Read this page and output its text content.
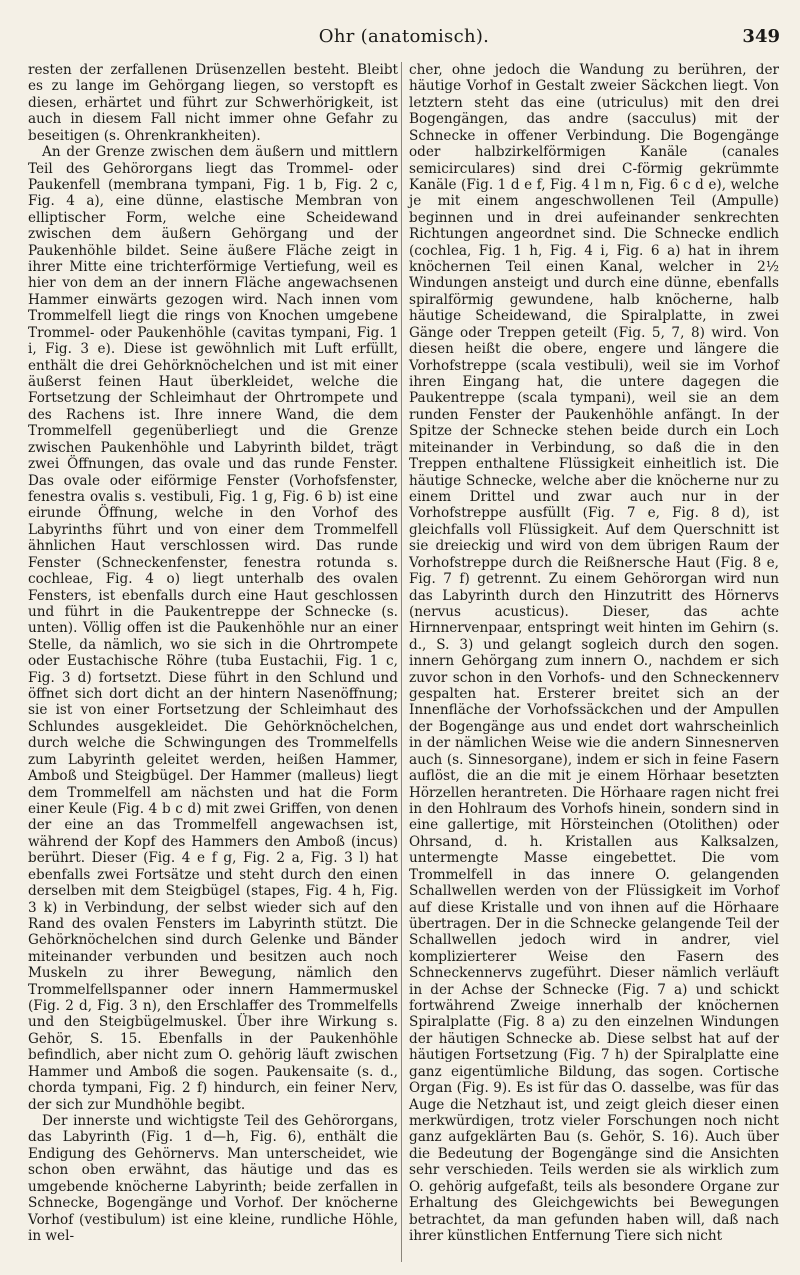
Ohr (anatomisch).	349

resten der zerfallenen Drüsenzellen besteht. Bleibt es zu lange im Gehörgang liegen, so verstopft es diesen, erhärtet und führt zur Schwerhörigkeit, ist auch in diesem Fall nicht immer ohne Gefahr zu beseitigen (s. Ohrenkrankheiten).

An der Grenze zwischen dem äußern und mittlern Teil des Gehörorgans liegt das Trommel- oder Paukenfell (membrana tympani, Fig. 1 b, Fig. 2 c, Fig. 4 a), eine dünne, elastische Membran von elliptischer Form, welche eine Scheidewand zwischen dem äußern Gehörgang und der Paukenhöhle bildet. Seine äußere Fläche zeigt in ihrer Mitte eine trichterförmige Vertiefung, weil es hier von dem an der innern Fläche angewachsenen Hammer einwärts gezogen wird. Nach innen vom Trommelfell liegt die rings von Knochen umgebene Trommel- oder Paukenhöhle (cavitas tympani, Fig. 1 i, Fig. 3 e). Diese ist gewöhnlich mit Luft erfüllt, enthält die drei Gehörknöchelchen und ist mit einer äußerst feinen Haut überkleidet, welche die Fortsetzung der Schleimhaut der Ohrtrompete und des Rachens ist. Ihre innere Wand, die dem Trommelfell gegenüberliegt und die Grenze zwischen Paukenhöhle und Labyrinth bildet, trägt zwei Öffnungen, das ovale und das runde Fenster. Das ovale oder eiförmige Fenster (Vorhofsfenster, fenestra ovalis s. vestibuli, Fig. 1 g, Fig. 6 b) ist eine eirunde Öffnung, welche in den Vorhof des Labyrinths führt und von einer dem Trommelfell ähnlichen Haut verschlossen wird. Das runde Fenster (Schneckenfenster, fenestra rotunda s. cochleae, Fig. 4 o) liegt unterhalb des ovalen Fensters, ist ebenfalls durch eine Haut geschlossen und führt in die Paukentreppe der Schnecke (s. unten). Völlig offen ist die Paukenhöhle nur an einer Stelle, da nämlich, wo sie sich in die Ohrtrompete oder Eustachische Röhre (tuba Eustachii, Fig. 1 c, Fig. 3 d) fortsetzt. Diese führt in den Schlund und öffnet sich dort dicht an der hintern Nasenöffnung; sie ist von einer Fortsetzung der Schleimhaut des Schlundes ausgekleidet. Die Gehörknöchelchen, durch welche die Schwingungen des Trommelfells zum Labyrinth geleitet werden, heißen Hammer, Amboß und Steigbügel. Der Hammer (malleus) liegt dem Trommelfell am nächsten und hat die Form einer Keule (Fig. 4 b c d) mit zwei Griffen, von denen der eine an das Trommelfell angewachsen ist, während der Kopf des Hammers den Amboß (incus) berührt. Dieser (Fig. 4 e f g, Fig. 2 a, Fig. 3 l) hat ebenfalls zwei Fortsätze und steht durch den einen derselben mit dem Steigbügel (stapes, Fig. 4 h, Fig. 3 k) in Verbindung, der selbst wieder sich auf den Rand des ovalen Fensters im Labyrinth stützt. Die Gehörknöchelchen sind durch Gelenke und Bänder miteinander verbunden und besitzen auch noch Muskeln zu ihrer Bewegung, nämlich den Trommelfellspanner oder innern Hammermuskel (Fig. 2 d, Fig. 3 n), den Erschlaffer des Trommelfells und den Steigbügelmuskel. Über ihre Wirkung s. Gehör, S. 15. Ebenfalls in der Paukenhöhle befindlich, aber nicht zum O. gehörig läuft zwischen Hammer und Amboß die sogen. Paukensaite (s. d., chorda tympani, Fig. 2 f) hindurch, ein feiner Nerv, der sich zur Mundhöhle begibt.

Der innerste und wichtigste Teil des Gehörorgans, das Labyrinth (Fig. 1 d—h, Fig. 6), enthält die Endigung des Gehörnervs. Man unterscheidet, wie schon oben erwähnt, das häutige und das es umgebende knöcherne Labyrinth; beide zerfallen in Schnecke, Bogengänge und Vorhof. Der knöcherne Vorhof (vestibulum) ist eine kleine, rundliche Höhle, in wel-

cher, ohne jedoch die Wandung zu berühren, der häutige Vorhof in Gestalt zweier Säckchen liegt. Von letztern steht das eine (utriculus) mit den drei Bogengängen, das andre (sacculus) mit der Schnecke in offener Verbindung. Die Bogengänge oder halbzirkelförmigen Kanäle (canales semicirculares) sind drei C-förmig gekrümmte Kanäle (Fig. 1 d e f, Fig. 4 l m n, Fig. 6 c d e), welche je mit einem angeschwollenen Teil (Ampulle) beginnen und in drei aufeinander senkrechten Richtungen angeordnet sind. Die Schnecke endlich (cochlea, Fig. 1 h, Fig. 4 i, Fig. 6 a) hat in ihrem knöchernen Teil einen Kanal, welcher in 2½ Windungen ansteigt und durch eine dünne, ebenfalls spiralförmig gewundene, halb knöcherne, halb häutige Scheidewand, die Spiralplatte, in zwei Gänge oder Treppen geteilt (Fig. 5, 7, 8) wird. Von diesen heißt die obere, engere und längere die Vorhofstreppe (scala vestibuli), weil sie im Vorhof ihren Eingang hat, die untere dagegen die Paukentreppe (scala tympani), weil sie an dem runden Fenster der Paukenhöhle anfängt. In der Spitze der Schnecke stehen beide durch ein Loch miteinander in Verbindung, so daß die in den Treppen enthaltene Flüssigkeit einheitlich ist. Die häutige Schnecke, welche aber die knöcherne nur zu einem Drittel und zwar auch nur in der Vorhofstreppe ausfüllt (Fig. 7 e, Fig. 8 d), ist gleichfalls voll Flüssigkeit. Auf dem Querschnitt ist sie dreieckig und wird von dem übrigen Raum der Vorhofstreppe durch die Reißnersche Haut (Fig. 8 e, Fig. 7 f) getrennt. Zu einem Gehörorgan wird nun das Labyrinth durch den Hinzutritt des Hörnervs (nervus acusticus). Dieser, das achte Hirnnervenpaar, entspringt weit hinten im Gehirn (s. d., S. 3) und gelangt sogleich durch den sogen. innern Gehörgang zum innern O., nachdem er sich zuvor schon in den Vorhofs- und den Schneckennerv gespalten hat. Ersterer breitet sich an der Innenfläche der Vorhofssäckchen und der Ampullen der Bogengänge aus und endet dort wahrscheinlich in der nämlichen Weise wie die andern Sinnesnerven auch (s. Sinnesorgane), indem er sich in feine Fasern auflöst, die an die mit je einem Hörhaar besetzten Hörzellen herantreten. Die Hörhaare ragen nicht frei in den Hohlraum des Vorhofs hinein, sondern sind in eine gallertige, mit Hörsteinchen (Otolithen) oder Ohrsand, d. h. Kristallen aus Kalksalzen, untermengte Masse eingebettet. Die vom Trommelfell in das innere O. gelangenden Schallwellen werden von der Flüssigkeit im Vorhof auf diese Kristalle und von ihnen auf die Hörhaare übertragen. Der in die Schnecke gelangende Teil der Schallwellen jedoch wird in andrer, viel komplizierterer Weise den Fasern des Schneckennervs zugeführt. Dieser nämlich verläuft in der Achse der Schnecke (Fig. 7 a) und schickt fortwährend Zweige innerhalb der knöchernen Spiralplatte (Fig. 8 a) zu den einzelnen Windungen der häutigen Schnecke ab. Diese selbst hat auf der häutigen Fortsetzung (Fig. 7 h) der Spiralplatte eine ganz eigentümliche Bildung, das sogen. Cortische Organ (Fig. 9). Es ist für das O. dasselbe, was für das Auge die Netzhaut ist, und zeigt gleich dieser einen merkwürdigen, trotz vieler Forschungen noch nicht ganz aufgeklärten Bau (s. Gehör, S. 16). Auch über die Bedeutung der Bogengänge sind die Ansichten sehr verschieden. Teils werden sie als wirklich zum O. gehörig aufgefaßt, teils als besondere Organe zur Erhaltung des Gleichgewichts bei Bewegungen betrachtet, da man gefunden haben will, daß nach ihrer künstlichen Entfernung Tiere sich nicht
